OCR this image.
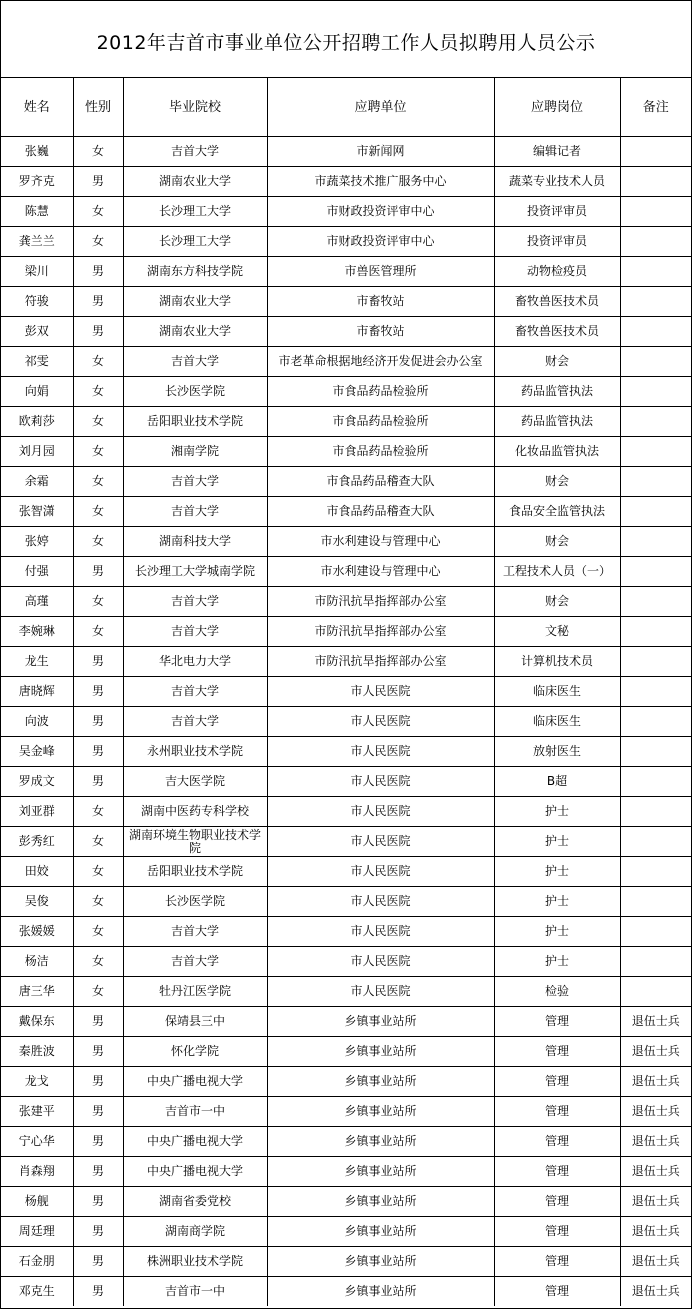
2012年吉首市事业单位公开招聘工作人员拟聘用人员公示
姓名	性别	毕业院校	应聘单位	应聘岗位	备注
张巍	女	吉首大学	市新闻网	编辑记者	
罗齐克	男	湖南农业大学	市蔬菜技术推广服务中心	蔬菜专业技术人员	
陈慧	女	长沙理工大学	市财政投资评审中心	投资评审员	
龚兰兰	女	长沙理工大学	市财政投资评审中心	投资评审员	
梁川	男	湖南东方科技学院	市兽医管理所	动物检疫员	
符骏	男	湖南农业大学	市畜牧站	畜牧兽医技术员	
彭双	男	湖南农业大学	市畜牧站	畜牧兽医技术员	
祁雯	女	吉首大学	市老革命根据地经济开发促进会办公室	财会	
向娟	女	长沙医学院	市食品药品检验所	药品监管执法	
欧莉莎	女	岳阳职业技术学院	市食品药品检验所	药品监管执法	
刘月园	女	湘南学院	市食品药品检验所	化妆品监管执法	
余霜	女	吉首大学	市食品药品稽查大队	财会	
张智潇	女	吉首大学	市食品药品稽查大队	食品安全监管执法	
张婷	女	湖南科技大学	市水利建设与管理中心	财会	
付强	男	长沙理工大学城南学院	市水利建设与管理中心	工程技术人员（一）	
高瑾	女	吉首大学	市防汛抗旱指挥部办公室	财会	
李婉琳	女	吉首大学	市防汛抗旱指挥部办公室	文秘	
龙生	男	华北电力大学	市防汛抗旱指挥部办公室	计算机技术员	
唐晓辉	男	吉首大学	市人民医院	临床医生	
向波	男	吉首大学	市人民医院	临床医生	
吴金峰	男	永州职业技术学院	市人民医院	放射医生	
罗成文	男	吉大医学院	市人民医院	B超	
刘亚群	女	湖南中医药专科学校	市人民医院	护士	
彭秀红	女	湖南环境生物职业技术学院	市人民医院	护士	
田姣	女	岳阳职业技术学院	市人民医院	护士	
吴俊	女	长沙医学院	市人民医院	护士	
张媛媛	女	吉首大学	市人民医院	护士	
杨洁	女	吉首大学	市人民医院	护士	
唐三华	女	牡丹江医学院	市人民医院	检验	
戴保东	男	保靖县三中	乡镇事业站所	管理	退伍士兵
秦胜波	男	怀化学院	乡镇事业站所	管理	退伍士兵
龙戈	男	中央广播电视大学	乡镇事业站所	管理	退伍士兵
张建平	男	吉首市一中	乡镇事业站所	管理	退伍士兵
宁心华	男	中央广播电视大学	乡镇事业站所	管理	退伍士兵
肖森翔	男	中央广播电视大学	乡镇事业站所	管理	退伍士兵
杨舰	男	湖南省委党校	乡镇事业站所	管理	退伍士兵
周廷理	男	湖南商学院	乡镇事业站所	管理	退伍士兵
石金朋	男	株洲职业技术学院	乡镇事业站所	管理	退伍士兵
邓克生	男	吉首市一中	乡镇事业站所	管理	退伍士兵
